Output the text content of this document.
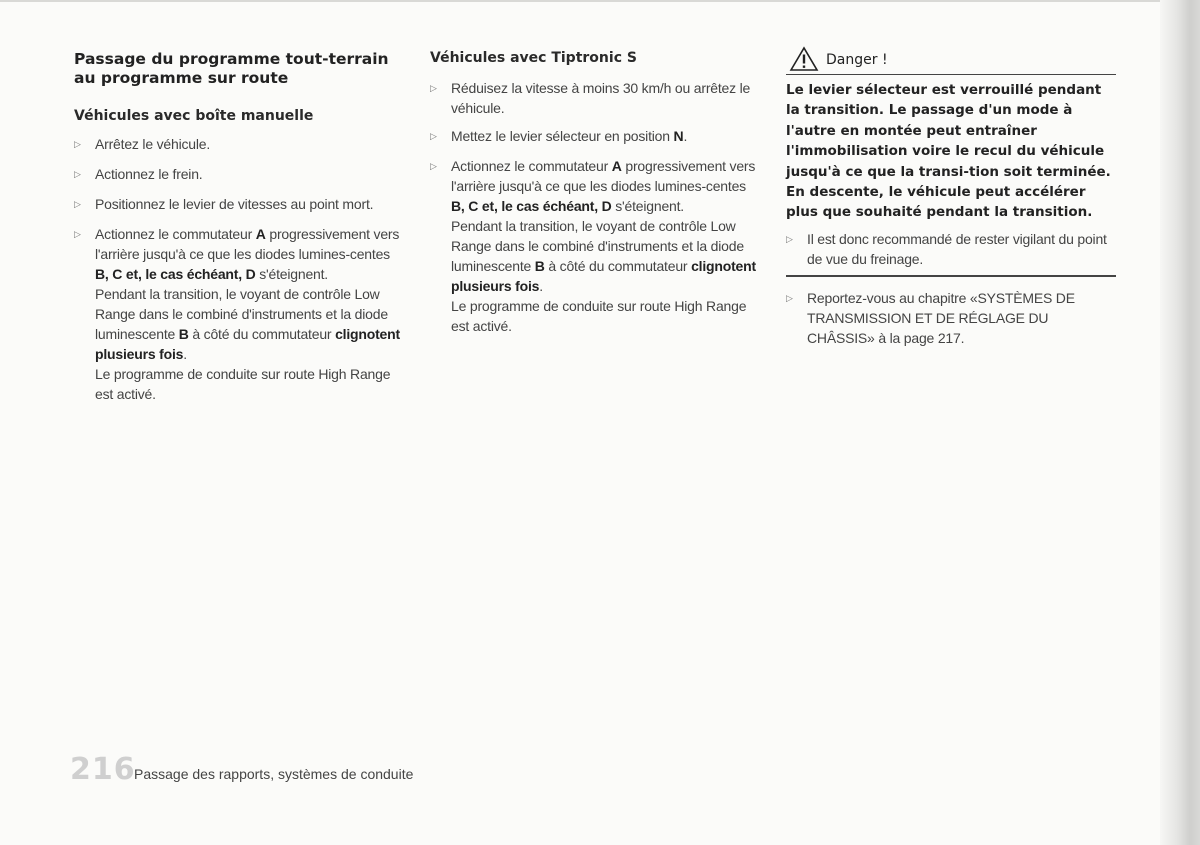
Passage du programme tout-terrain au programme sur route
Véhicules avec boîte manuelle
▷ Arrêtez le véhicule.
▷ Actionnez le frein.
▷ Positionnez le levier de vitesses au point mort.
▷ Actionnez le commutateur A progressivement vers l'arrière jusqu'à ce que les diodes lumines-centes B, C et, le cas échéant, D s'éteignent.
Pendant la transition, le voyant de contrôle Low Range dans le combiné d'instruments et la diode luminescente B à côté du commutateur clignotent plusieurs fois.
Le programme de conduite sur route High Range est activé.
Véhicules avec Tiptronic S
▷ Réduisez la vitesse à moins 30 km/h ou arrêtez le véhicule.
▷ Mettez le levier sélecteur en position N.
▷ Actionnez le commutateur A progressivement vers l'arrière jusqu'à ce que les diodes lumines-centes B, C et, le cas échéant, D s'éteignent.
Pendant la transition, le voyant de contrôle Low Range dans le combiné d'instruments et la diode luminescente B à côté du commutateur clignotent plusieurs fois.
Le programme de conduite sur route High Range est activé.
Danger !
Le levier sélecteur est verrouillé pendant la transition. Le passage d'un mode à l'autre en montée peut entraîner l'immobilisation voire le recul du véhicule jusqu'à ce que la transi-tion soit terminée. En descente, le véhicule peut accélérer plus que souhaité pendant la transition.
▷ Il est donc recommandé de rester vigilant du point de vue du freinage.
▷ Reportez-vous au chapitre «SYSTÈMES DE TRANSMISSION ET DE RÉGLAGE DU CHÂSSIS» à la page 217.
216
Passage des rapports, systèmes de conduite
